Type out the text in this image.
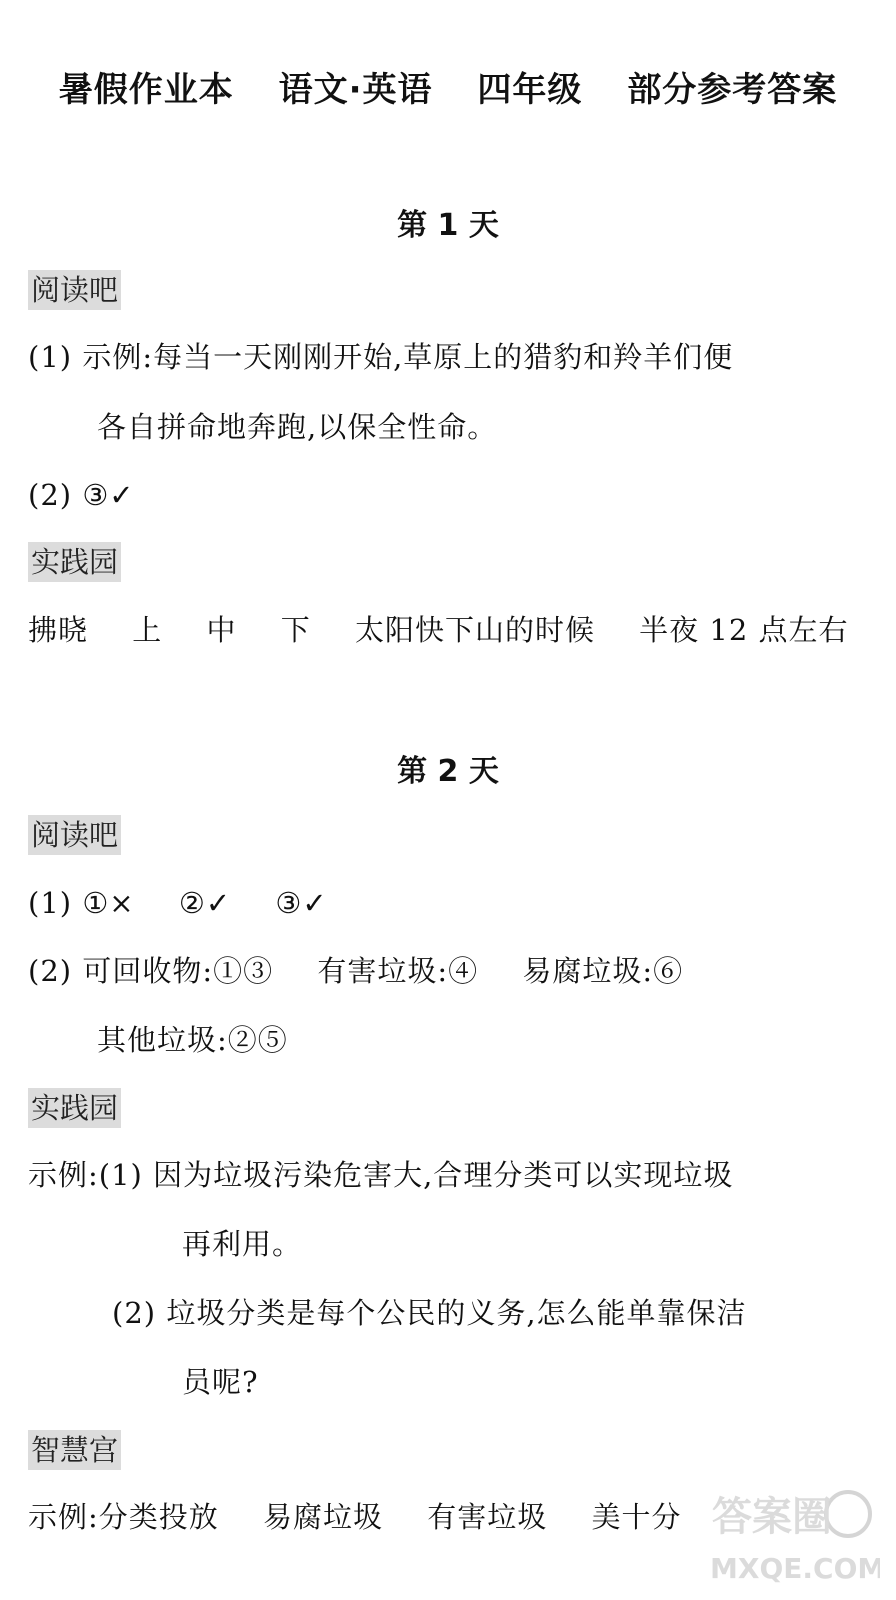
暑假作业本 语文·英语 四年级 部分参考答案
第 1 天
阅读吧
(1) 示例:每当一天刚刚开始,草原上的猎豹和羚羊们便
各自拼命地奔跑,以保全性命。
(2) ③✓
实践园
拂晓 上 中 下 太阳快下山的时候 半夜 12 点左右
第 2 天
阅读吧
(1) ①× ②✓ ③✓
(2) 可回收物:①③ 有害垃圾:④ 易腐垃圾:⑥
其他垃圾:②⑤
实践园
示例:(1) 因为垃圾污染危害大,合理分类可以实现垃圾
再利用。
(2) 垃圾分类是每个公民的义务,怎么能单靠保洁
员呢?
智慧宫
示例:分类投放 易腐垃圾 有害垃圾 美十分 答案圈
MXQE.COM
